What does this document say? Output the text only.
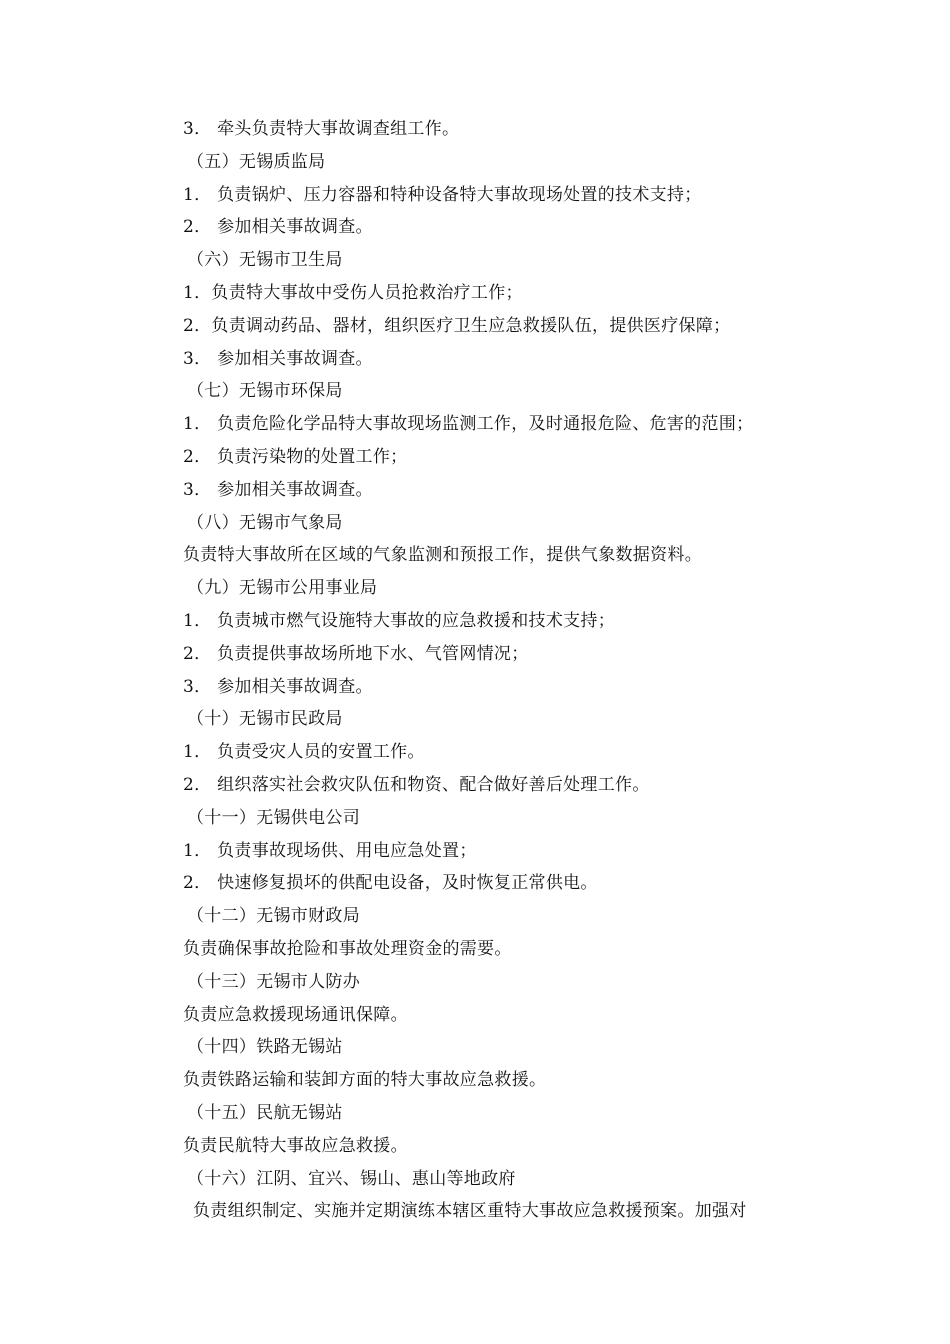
3． 牵头负责特大事故调查组工作。
（五）无锡质监局
1． 负责锅炉、压力容器和特种设备特大事故现场处置的技术支持；
2． 参加相关事故调查。
（六）无锡市卫生局
1．负责特大事故中受伤人员抢救治疗工作；
2．负责调动药品、器材，组织医疗卫生应急救援队伍，提供医疗保障；
3． 参加相关事故调查。
（七）无锡市环保局
1． 负责危险化学品特大事故现场监测工作，及时通报危险、危害的范围；
2． 负责污染物的处置工作；
3． 参加相关事故调查。
（八）无锡市气象局
负责特大事故所在区域的气象监测和预报工作，提供气象数据资料。
（九）无锡市公用事业局
1． 负责城市燃气设施特大事故的应急救援和技术支持；
2． 负责提供事故场所地下水、气管网情况；
3． 参加相关事故调查。
（十）无锡市民政局
1． 负责受灾人员的安置工作。
2． 组织落实社会救灾队伍和物资、配合做好善后处理工作。
（十一）无锡供电公司
1． 负责事故现场供、用电应急处置；
2． 快速修复损坏的供配电设备，及时恢复正常供电。
（十二）无锡市财政局
负责确保事故抢险和事故处理资金的需要。
（十三）无锡市人防办
负责应急救援现场通讯保障。
（十四）铁路无锡站
负责铁路运输和装卸方面的特大事故应急救援。
（十五）民航无锡站
负责民航特大事故应急救援。
（十六）江阴、宜兴、锡山、惠山等地政府
负责组织制定、实施并定期演练本辖区重特大事故应急救援预案。加强对
